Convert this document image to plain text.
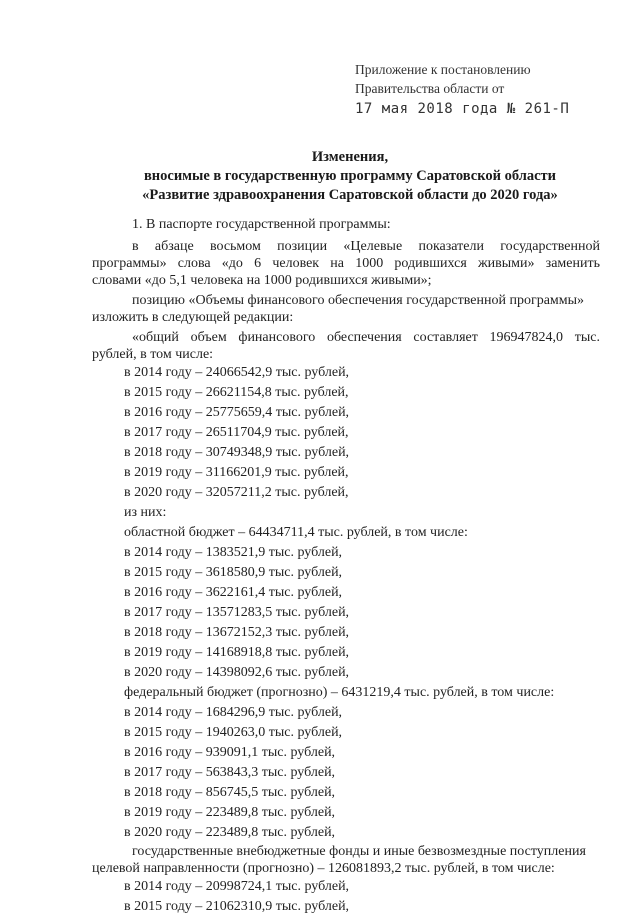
Приложение к постановлению
Правительства области от
17 мая 2018 года № 261-П
Изменения,
вносимые в государственную программу Саратовской области
«Развитие здравоохранения Саратовской области до 2020 года»
1. В паспорте государственной программы:
в абзаце восьмом позиции «Целевые показатели государственной
программы» слова «до 6 человек на 1000 родившихся живыми» заменить
словами «до 5,1 человека на 1000 родившихся живыми»;
позицию «Объемы финансового обеспечения государственной программы»
изложить в следующей редакции:
«общий объем финансового обеспечения составляет 196947824,0 тыс.
рублей, в том числе:
в 2014 году – 24066542,9 тыс. рублей,
в 2015 году – 26621154,8 тыс. рублей,
в 2016 году – 25775659,4 тыс. рублей,
в 2017 году – 26511704,9 тыс. рублей,
в 2018 году – 30749348,9 тыс. рублей,
в 2019 году – 31166201,9 тыс. рублей,
в 2020 году – 32057211,2 тыс. рублей,
из них:
областной бюджет – 64434711,4 тыс. рублей, в том числе:
в 2014 году – 1383521,9 тыс. рублей,
в 2015 году – 3618580,9 тыс. рублей,
в 2016 году – 3622161,4 тыс. рублей,
в 2017 году – 13571283,5 тыс. рублей,
в 2018 году – 13672152,3 тыс. рублей,
в 2019 году – 14168918,8 тыс. рублей,
в 2020 году – 14398092,6 тыс. рублей,
федеральный бюджет (прогнозно) – 6431219,4 тыс. рублей, в том числе:
в 2014 году – 1684296,9 тыс. рублей,
в 2015 году – 1940263,0 тыс. рублей,
в 2016 году – 939091,1 тыс. рублей,
в 2017 году – 563843,3 тыс. рублей,
в 2018 году – 856745,5 тыс. рублей,
в 2019 году – 223489,8 тыс. рублей,
в 2020 году – 223489,8 тыс. рублей,
государственные внебюджетные фонды и иные безвозмездные поступления
целевой направленности (прогнозно) – 126081893,2 тыс. рублей, в том числе:
в 2014 году – 20998724,1 тыс. рублей,
в 2015 году – 21062310,9 тыс. рублей,
